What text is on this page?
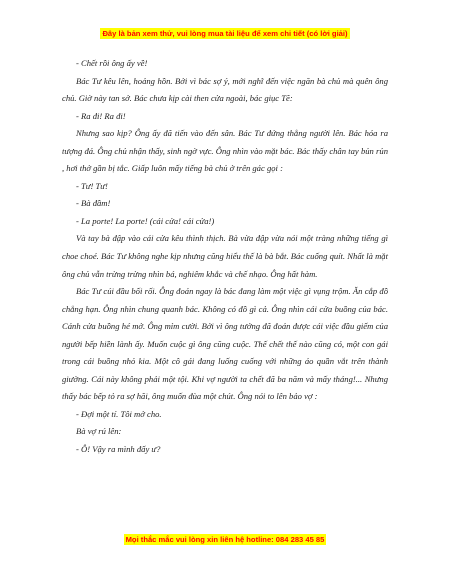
Đây là bản xem thử, vui lòng mua tài liệu để xem chi tiết (có lời giải)

- Chết rồi ông ấy về!

Bác Tư kêu lên, hoảng hồn. Bởi vì bác sợ ý, mới nghĩ đến việc ngăn bà chủ mà quên ông chủ. Giờ này tan sở. Bác chưa kịp cài then cửa ngoài, bác giục Tẽ:

- Ra đi! Ra đi!

Nhưng sao kịp? Ông ấy đã tiến vào đến sân. Bác Tư đứng thẳng người lên. Bác hóa ra tượng đá. Ông chủ nhận thấy, sinh ngờ vực. Ông nhìn vào mặt bác. Bác thấy chân tay bủn rủn , hơi thở gần bị tắc. Giấp luôn mấy tiếng bà chủ ở trên gác gọi :

- Tư! Tư!

- Bà đầm!

- La porte! La porte! (cái cửa! cái cửa!)

Và tay bà đập vào cái cửa kêu thình thịch. Bà vừa đập vừa nói một tràng những tiếng gì choe choé. Bác Tư không nghe kịp nhưng cũng hiểu thế là bà bắt. Bác cuống quít. Nhất là mặt ông chủ vẫn trừng trừng nhìn bá, nghiêm khắc và chế nhạo. Ông hất hàm.

Bác Tư cúi đầu bối rối. Ông đoán ngay là bác đang làm một việc gì vụng trộm. Ăn cắp đồ chẳng hạn. Ông nhìn chung quanh bác. Không có đồ gì cả. Ông nhìn cái cửa buồng của bác. Cánh cửa buồng hé mở. Ông mỉm cười. Bởi vì ông tưởng đã đoán được cái việc đầu giếm của người bếp hiền lành ấy. Muốn cuộc gì ông cũng cuộc. Thế chết thế nào cũng có, một con gái trong cái buồng nhỏ kia. Một cô gái đang luống cuống với những áo quần vắt trên thành giường. Cái này không phải một tội. Khi vợ người ta chết đã ba năm và mấy tháng!... Nhưng thấy bác bếp tỏ ra sợ hãi, ông muốn đùa một chút. Ông nói to lên bảo vợ :

- Đợi một tí. Tôi mở cho.

Bà vợ rú lên:

- Ô! Vậy ra mình đấy ư?

Mọi thắc mắc vui lòng xin liên hệ hotline: 084 283 45 85
